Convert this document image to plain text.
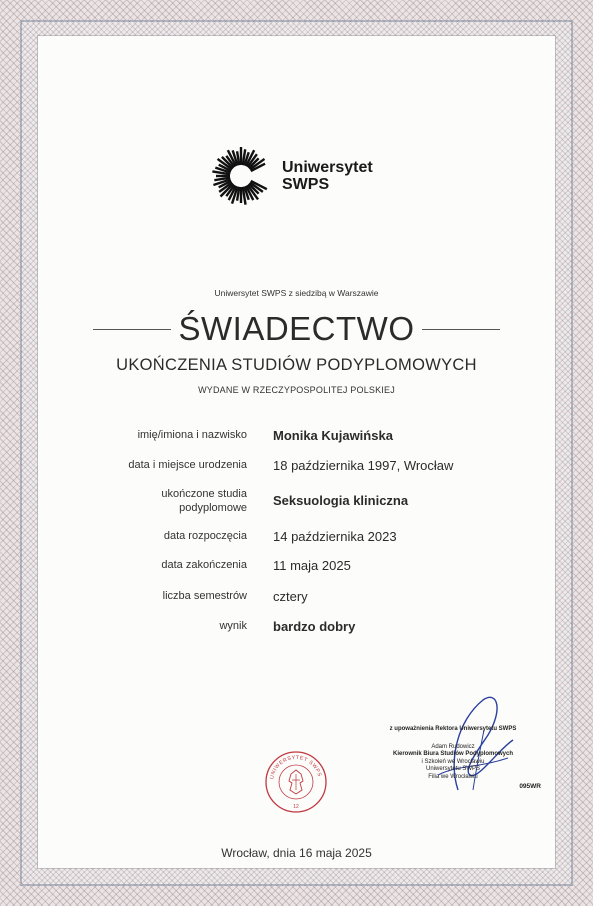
Uniwersytet
SWPS
Uniwersytet SWPS z siedzibą w Warszawie
ŚWIADECTWO
UKOŃCZENIA STUDIÓW PODYPLOMOWYCH
WYDANE W RZECZYPOSPOLITEJ POLSKIEJ
imię/imiona i nazwisko Monika Kujawińska
data i miejsce urodzenia 18 października 1997, Wrocław
ukończone studia
podyplomowe Seksuologia kliniczna
data rozpoczęcia 14 października 2023
data zakończenia 11 maja 2025
liczba semestrów cztery
wynik bardzo dobry
z upoważnienia Rektora Uniwersytetu SWPS
Adam Rudowicz
Kierownik Biura Studiów Podyplomowych
i Szkoleń we Wrocławiu
Uniwersytetu SWPS
Filia we Wrocławiu
095WR
UNIWERSYTET SWPS
12
Wrocław, dnia 16 maja 2025
